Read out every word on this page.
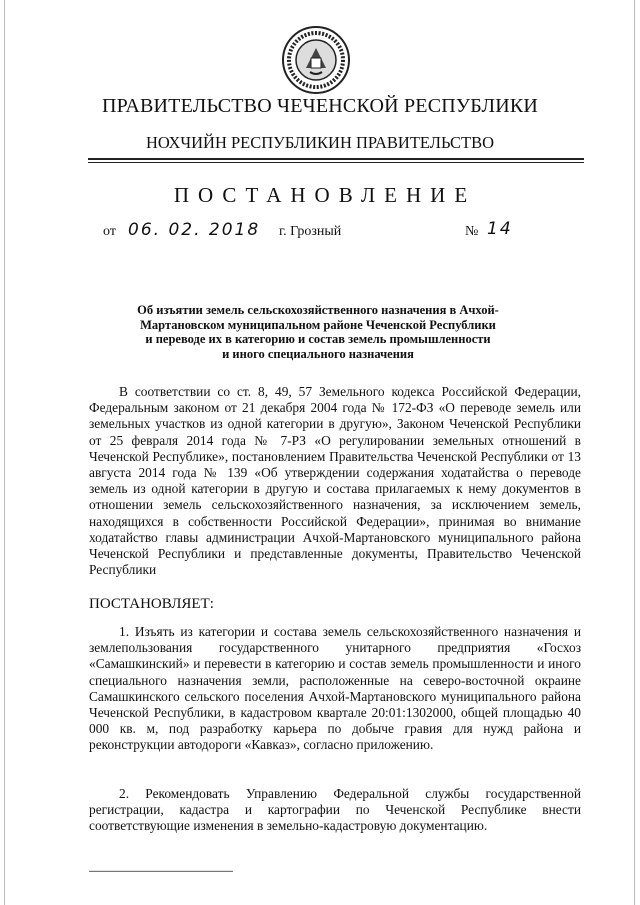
ПРАВИТЕЛЬСТВО ЧЕЧЕНСКОЙ РЕСПУБЛИКИ
НОХЧИЙН РЕСПУБЛИКИН ПРАВИТЕЛЬСТВО
ПОСТАНОВЛЕНИЕ
от 06. 02. 2018 г. Грозный	№ 14
Об изъятии земель сельскохозяйственного назначения в Ачхой-
Мартановском муниципальном районе Чеченской Республики
и переводе их в категорию и состав земель промышленности
и иного специального назначения
В соответствии со ст. 8, 49, 57 Земельного кодекса Российской Федерации, Федеральным законом от 21 декабря 2004 года № 172-ФЗ «О переводе земель или земельных участков из одной категории в другую», Законом Чеченской Республики от 25 февраля 2014 года № 7-РЗ «О регулировании земельных отношений в Чеченской Республике», постановлением Правительства Чеченской Республики от 13 августа 2014 года № 139 «Об утверждении содержания ходатайства о переводе земель из одной категории в другую и состава прилагаемых к нему документов в отношении земель сельскохозяйственного назначения, за исключением земель, находящихся в собственности Российской Федерации», принимая во внимание ходатайство главы администрации Ачхой-Мартановского муниципального района Чеченской Республики и представленные документы, Правительство Чеченской Республики
ПОСТАНОВЛЯЕТ:
1. Изъять из категории и состава земель сельскохозяйственного назначения и землепользования государственного унитарного предприятия «Госхоз «Самашкинский» и перевести в категорию и состав земель промышленности и иного специального назначения земли, расположенные на северо-восточной окраине Самашкинского сельского поселения Ачхой-Мартановского муниципального района Чеченской Республики, в кадастровом квартале 20:01:1302000, общей площадью 40 000 кв. м, под разработку карьера по добыче гравия для нужд района и реконструкции автодороги «Кавказ», согласно приложению.
2. Рекомендовать Управлению Федеральной службы государственной регистрации, кадастра и картографии по Чеченской Республике внести соответствующие изменения в земельно-кадастровую документацию.
▬▬▬▬▬▬▬▬▬▬▬▬▬▬▬▬▬▬▬▬▬▬▬▬▬▬▬▬▬▬▬▬▬▬▬▬
